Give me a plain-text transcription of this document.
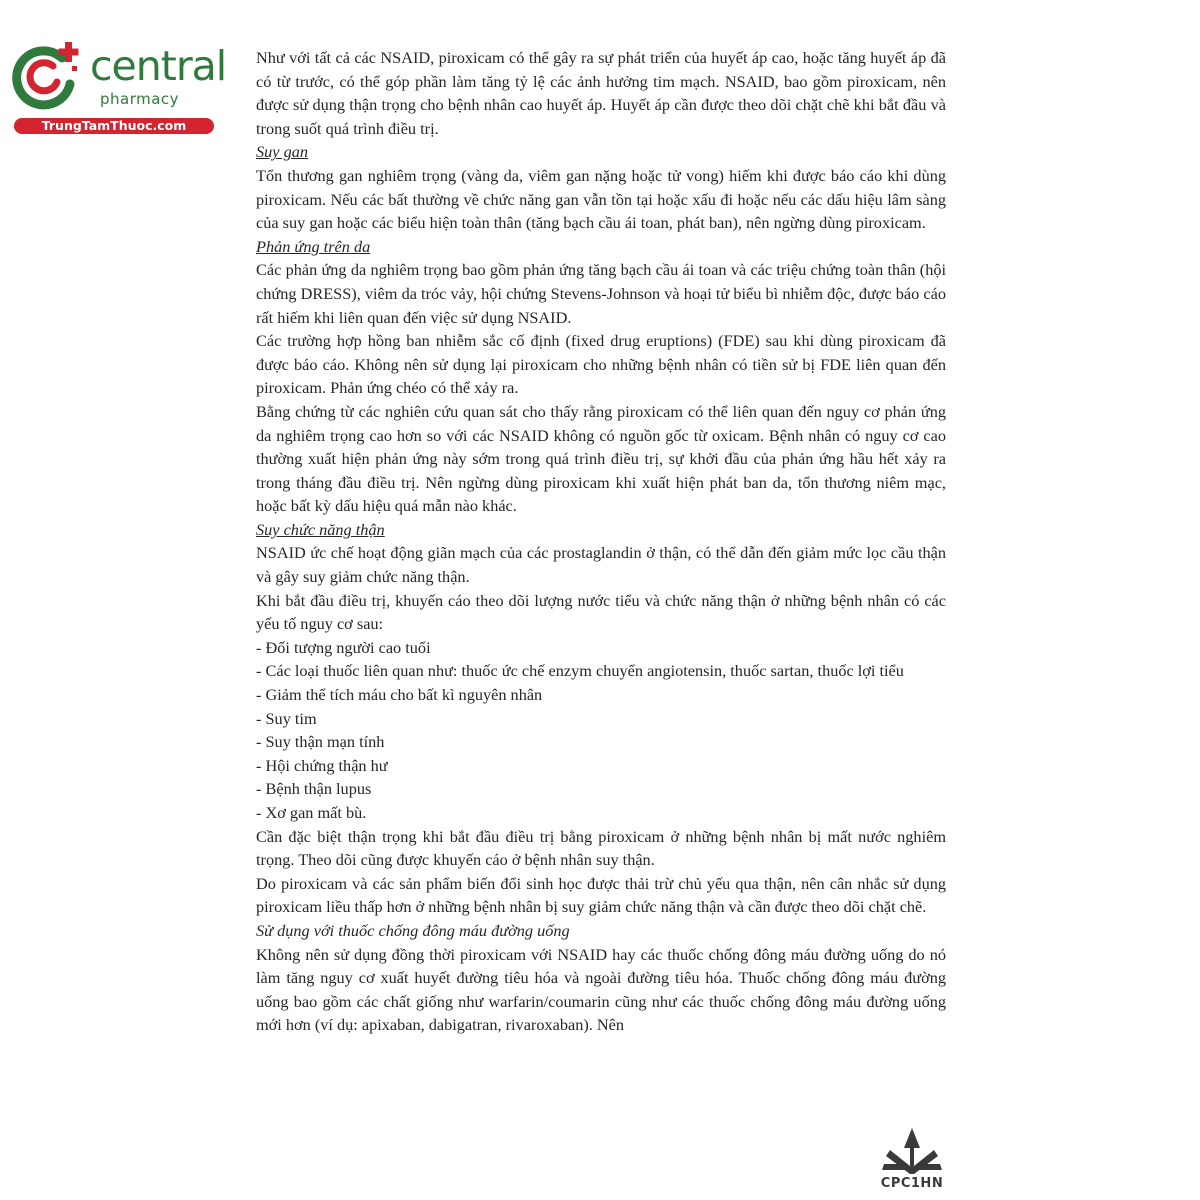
central
pharmacy
TrungTamThuoc.com

Như với tất cả các NSAID, piroxicam có thể gây ra sự phát triển của huyết áp cao, hoặc tăng huyết áp đã có từ trước, có thể góp phần làm tăng tỷ lệ các ảnh hưởng tim mạch. NSAID, bao gồm piroxicam, nên được sử dụng thận trọng cho bệnh nhân cao huyết áp. Huyết áp cần được theo dõi chặt chẽ khi bắt đầu và trong suốt quá trình điều trị.

Suy gan

Tổn thương gan nghiêm trọng (vàng da, viêm gan nặng hoặc tử vong) hiếm khi được báo cáo khi dùng piroxicam. Nếu các bất thường về chức năng gan vẫn tồn tại hoặc xấu đi hoặc nếu các dấu hiệu lâm sàng của suy gan hoặc các biểu hiện toàn thân (tăng bạch cầu ái toan, phát ban), nên ngừng dùng piroxicam.

Phản ứng trên da

Các phản ứng da nghiêm trọng bao gồm phản ứng tăng bạch cầu ái toan và các triệu chứng toàn thân (hội chứng DRESS), viêm da tróc vảy, hội chứng Stevens-Johnson và hoại tử biểu bì nhiễm độc, được báo cáo rất hiếm khi liên quan đến việc sử dụng NSAID.

Các trường hợp hồng ban nhiễm sắc cố định (fixed drug eruptions) (FDE) sau khi dùng piroxicam đã được báo cáo. Không nên sử dụng lại piroxicam cho những bệnh nhân có tiền sử bị FDE liên quan đến piroxicam. Phản ứng chéo có thể xảy ra.

Bằng chứng từ các nghiên cứu quan sát cho thấy rằng piroxicam có thể liên quan đến nguy cơ phản ứng da nghiêm trọng cao hơn so với các NSAID không có nguồn gốc từ oxicam. Bệnh nhân có nguy cơ cao thường xuất hiện phản ứng này sớm trong quá trình điều trị, sự khởi đầu của phản ứng hầu hết xảy ra trong tháng đầu điều trị. Nên ngừng dùng piroxicam khi xuất hiện phát ban da, tổn thương niêm mạc, hoặc bất kỳ dấu hiệu quá mẫn nào khác.

Suy chức năng thận

NSAID ức chế hoạt động giãn mạch của các prostaglandin ở thận, có thể dẫn đến giảm mức lọc cầu thận và gây suy giảm chức năng thận.

Khi bắt đầu điều trị, khuyến cáo theo dõi lượng nước tiểu và chức năng thận ở những bệnh nhân có các yếu tố nguy cơ sau:

- Đối tượng người cao tuổi

- Các loại thuốc liên quan như: thuốc ức chế enzym chuyển angiotensin, thuốc sartan, thuốc lợi tiểu

- Giảm thể tích máu cho bất kì nguyên nhân

- Suy tim

- Suy thận mạn tính

- Hội chứng thận hư

- Bệnh thận lupus

- Xơ gan mất bù.

Cần đặc biệt thận trọng khi bắt đầu điều trị bằng piroxicam ở những bệnh nhân bị mất nước nghiêm trọng. Theo dõi cũng được khuyến cáo ở bệnh nhân suy thận.

Do piroxicam và các sản phẩm biến đổi sinh học được thải trừ chủ yếu qua thận, nên cân nhắc sử dụng piroxicam liều thấp hơn ở những bệnh nhân bị suy giảm chức năng thận và cần được theo dõi chặt chẽ.

Sử dụng với thuốc chống đông máu đường uống

Không nên sử dụng đồng thời piroxicam với NSAID hay các thuốc chống đông máu đường uống do nó làm tăng nguy cơ xuất huyết đường tiêu hóa và ngoài đường tiêu hóa. Thuốc chống đông máu đường uống bao gồm các chất giống như warfarin/coumarin cũng như các thuốc chống đông máu đường uống mới hơn (ví dụ: apixaban, dabigatran, rivaroxaban). Nên

CPC1HN
